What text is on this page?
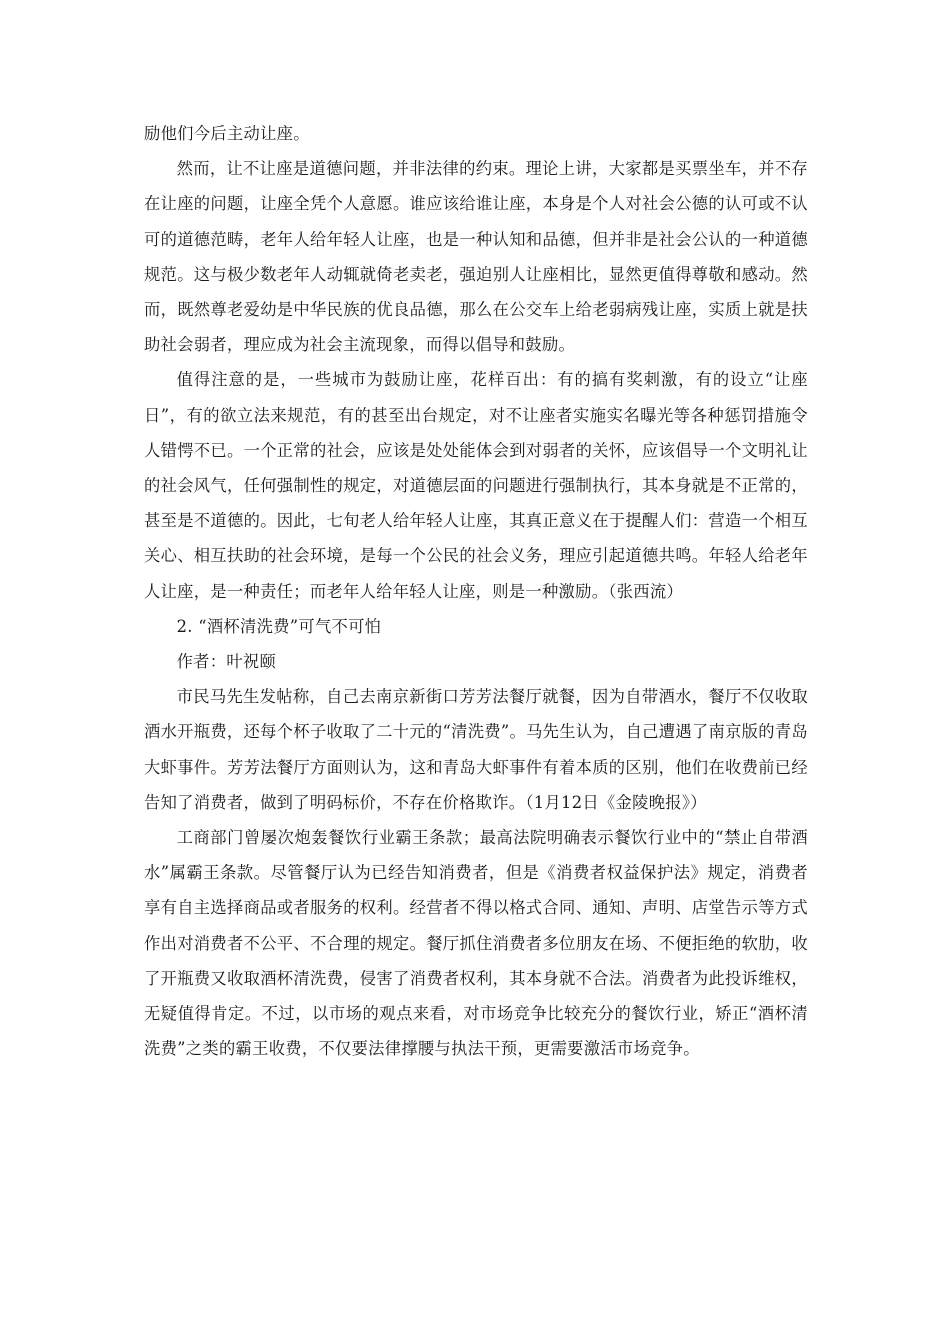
励他们今后主动让座。

然而，让不让座是道德问题，并非法律的约束。理论上讲，大家都是买票坐车，并不存在让座的问题，让座全凭个人意愿。谁应该给谁让座，本身是个人对社会公德的认可或不认可的道德范畴，老年人给年轻人让座，也是一种认知和品德，但并非是社会公认的一种道德规范。这与极少数老年人动辄就倚老卖老，强迫别人让座相比，显然更值得尊敬和感动。然而，既然尊老爱幼是中华民族的优良品德，那么在公交车上给老弱病残让座，实质上就是扶助社会弱者，理应成为社会主流现象，而得以倡导和鼓励。

值得注意的是，一些城市为鼓励让座，花样百出：有的搞有奖刺激，有的设立“让座日”，有的欲立法来规范，有的甚至出台规定，对不让座者实施实名曝光等各种惩罚措施令人错愕不已。一个正常的社会，应该是处处能体会到对弱者的关怀，应该倡导一个文明礼让的社会风气，任何强制性的规定，对道德层面的问题进行强制执行，其本身就是不正常的，甚至是不道德的。因此，七旬老人给年轻人让座，其真正意义在于提醒人们：营造一个相互关心、相互扶助的社会环境，是每一个公民的社会义务，理应引起道德共鸣。年轻人给老年人让座，是一种责任；而老年人给年轻人让座，则是一种激励。（张西流）

2. “酒杯清洗费”可气不可怕

作者：叶祝颐

市民马先生发帖称，自己去南京新街口芳芳法餐厅就餐，因为自带酒水，餐厅不仅收取酒水开瓶费，还每个杯子收取了二十元的“清洗费”。马先生认为，自己遭遇了南京版的青岛大虾事件。芳芳法餐厅方面则认为，这和青岛大虾事件有着本质的区别，他们在收费前已经告知了消费者，做到了明码标价，不存在价格欺诈。（1月12日《金陵晚报》）

工商部门曾屡次炮轰餐饮行业霸王条款；最高法院明确表示餐饮行业中的“禁止自带酒水”属霸王条款。尽管餐厅认为已经告知消费者，但是《消费者权益保护法》规定，消费者享有自主选择商品或者服务的权利。经营者不得以格式合同、通知、声明、店堂告示等方式作出对消费者不公平、不合理的规定。餐厅抓住消费者多位朋友在场、不便拒绝的软肋，收了开瓶费又收取酒杯清洗费，侵害了消费者权利，其本身就不合法。消费者为此投诉维权，无疑值得肯定。不过，以市场的观点来看，对市场竞争比较充分的餐饮行业，矫正“酒杯清洗费”之类的霸王收费，不仅要法律撑腰与执法干预，更需要激活市场竞争。
